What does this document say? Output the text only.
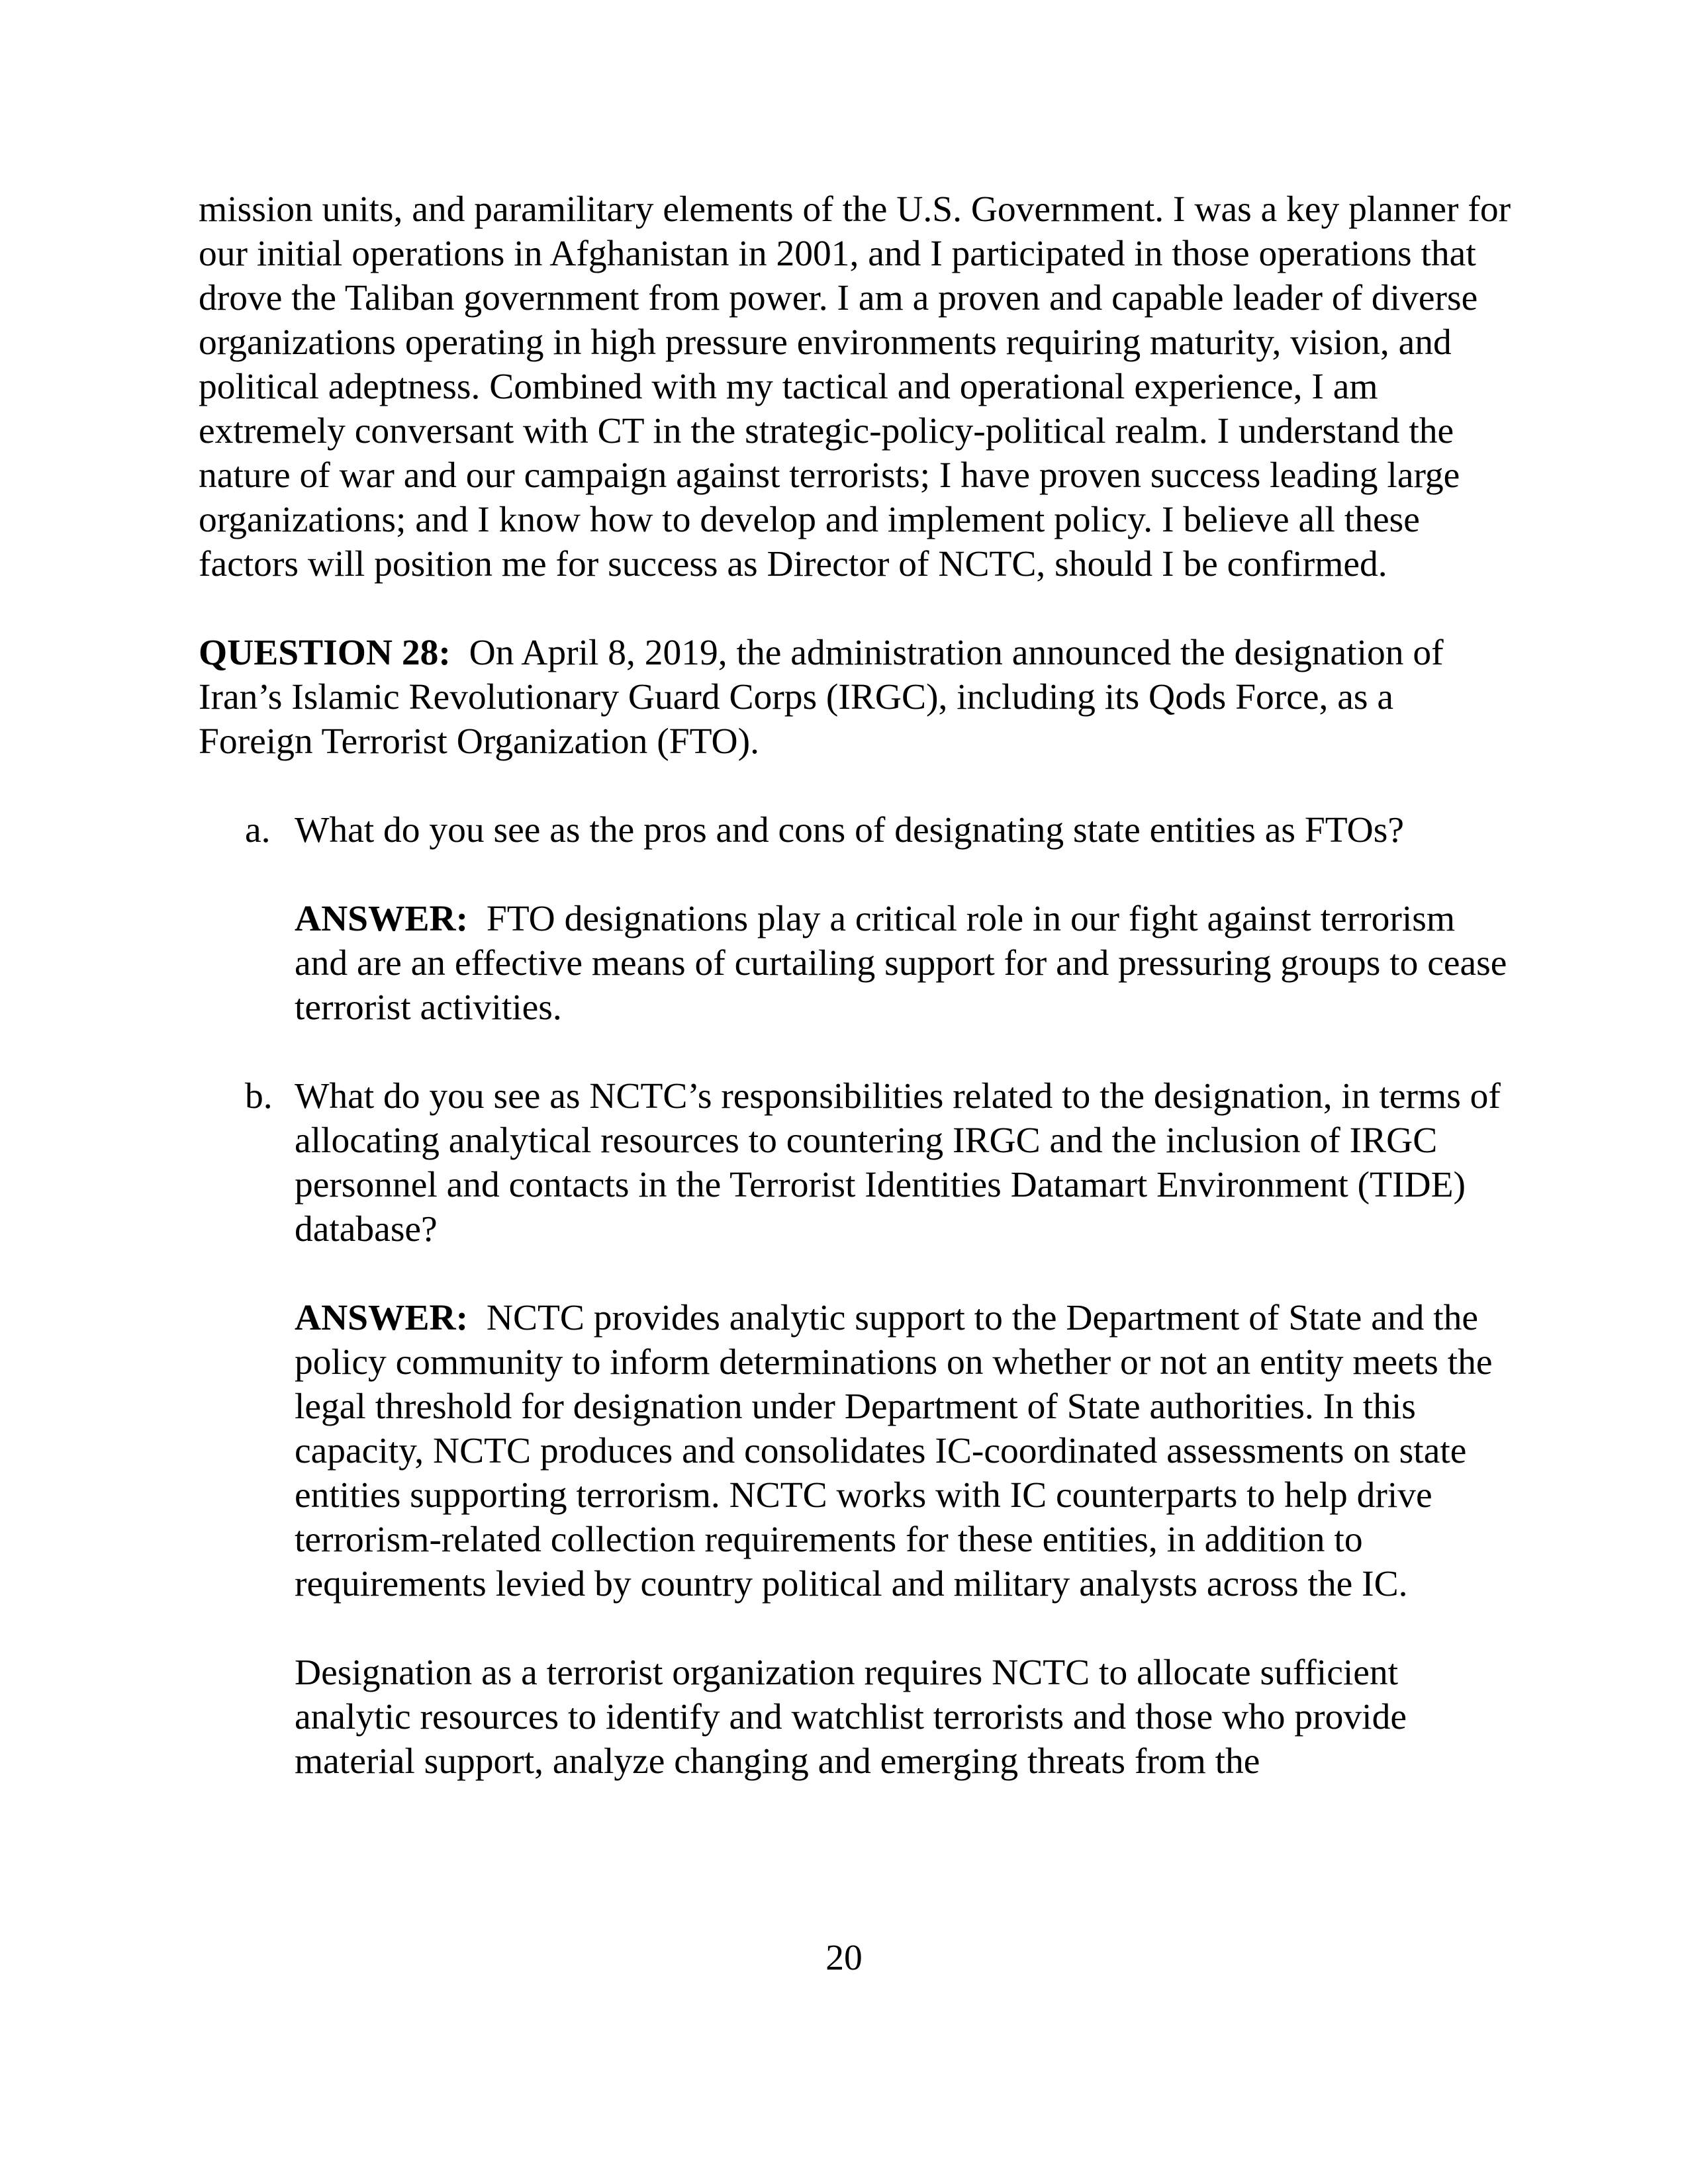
mission units, and paramilitary elements of the U.S. Government. I was a key planner for our initial operations in Afghanistan in 2001, and I participated in those operations that drove the Taliban government from power. I am a proven and capable leader of diverse organizations operating in high pressure environments requiring maturity, vision, and political adeptness. Combined with my tactical and operational experience, I am extremely conversant with CT in the strategic-policy-political realm. I understand the nature of war and our campaign against terrorists; I have proven success leading large organizations; and I know how to develop and implement policy. I believe all these factors will position me for success as Director of NCTC, should I be confirmed.

QUESTION 28: On April 8, 2019, the administration announced the designation of Iran’s Islamic Revolutionary Guard Corps (IRGC), including its Qods Force, as a Foreign Terrorist Organization (FTO).

a. What do you see as the pros and cons of designating state entities as FTOs?

ANSWER: FTO designations play a critical role in our fight against terrorism and are an effective means of curtailing support for and pressuring groups to cease terrorist activities.

b. What do you see as NCTC’s responsibilities related to the designation, in terms of allocating analytical resources to countering IRGC and the inclusion of IRGC personnel and contacts in the Terrorist Identities Datamart Environment (TIDE) database?

ANSWER: NCTC provides analytic support to the Department of State and the policy community to inform determinations on whether or not an entity meets the legal threshold for designation under Department of State authorities. In this capacity, NCTC produces and consolidates IC-coordinated assessments on state entities supporting terrorism. NCTC works with IC counterparts to help drive terrorism-related collection requirements for these entities, in addition to requirements levied by country political and military analysts across the IC.

Designation as a terrorist organization requires NCTC to allocate sufficient analytic resources to identify and watchlist terrorists and those who provide material support, analyze changing and emerging threats from the

20
